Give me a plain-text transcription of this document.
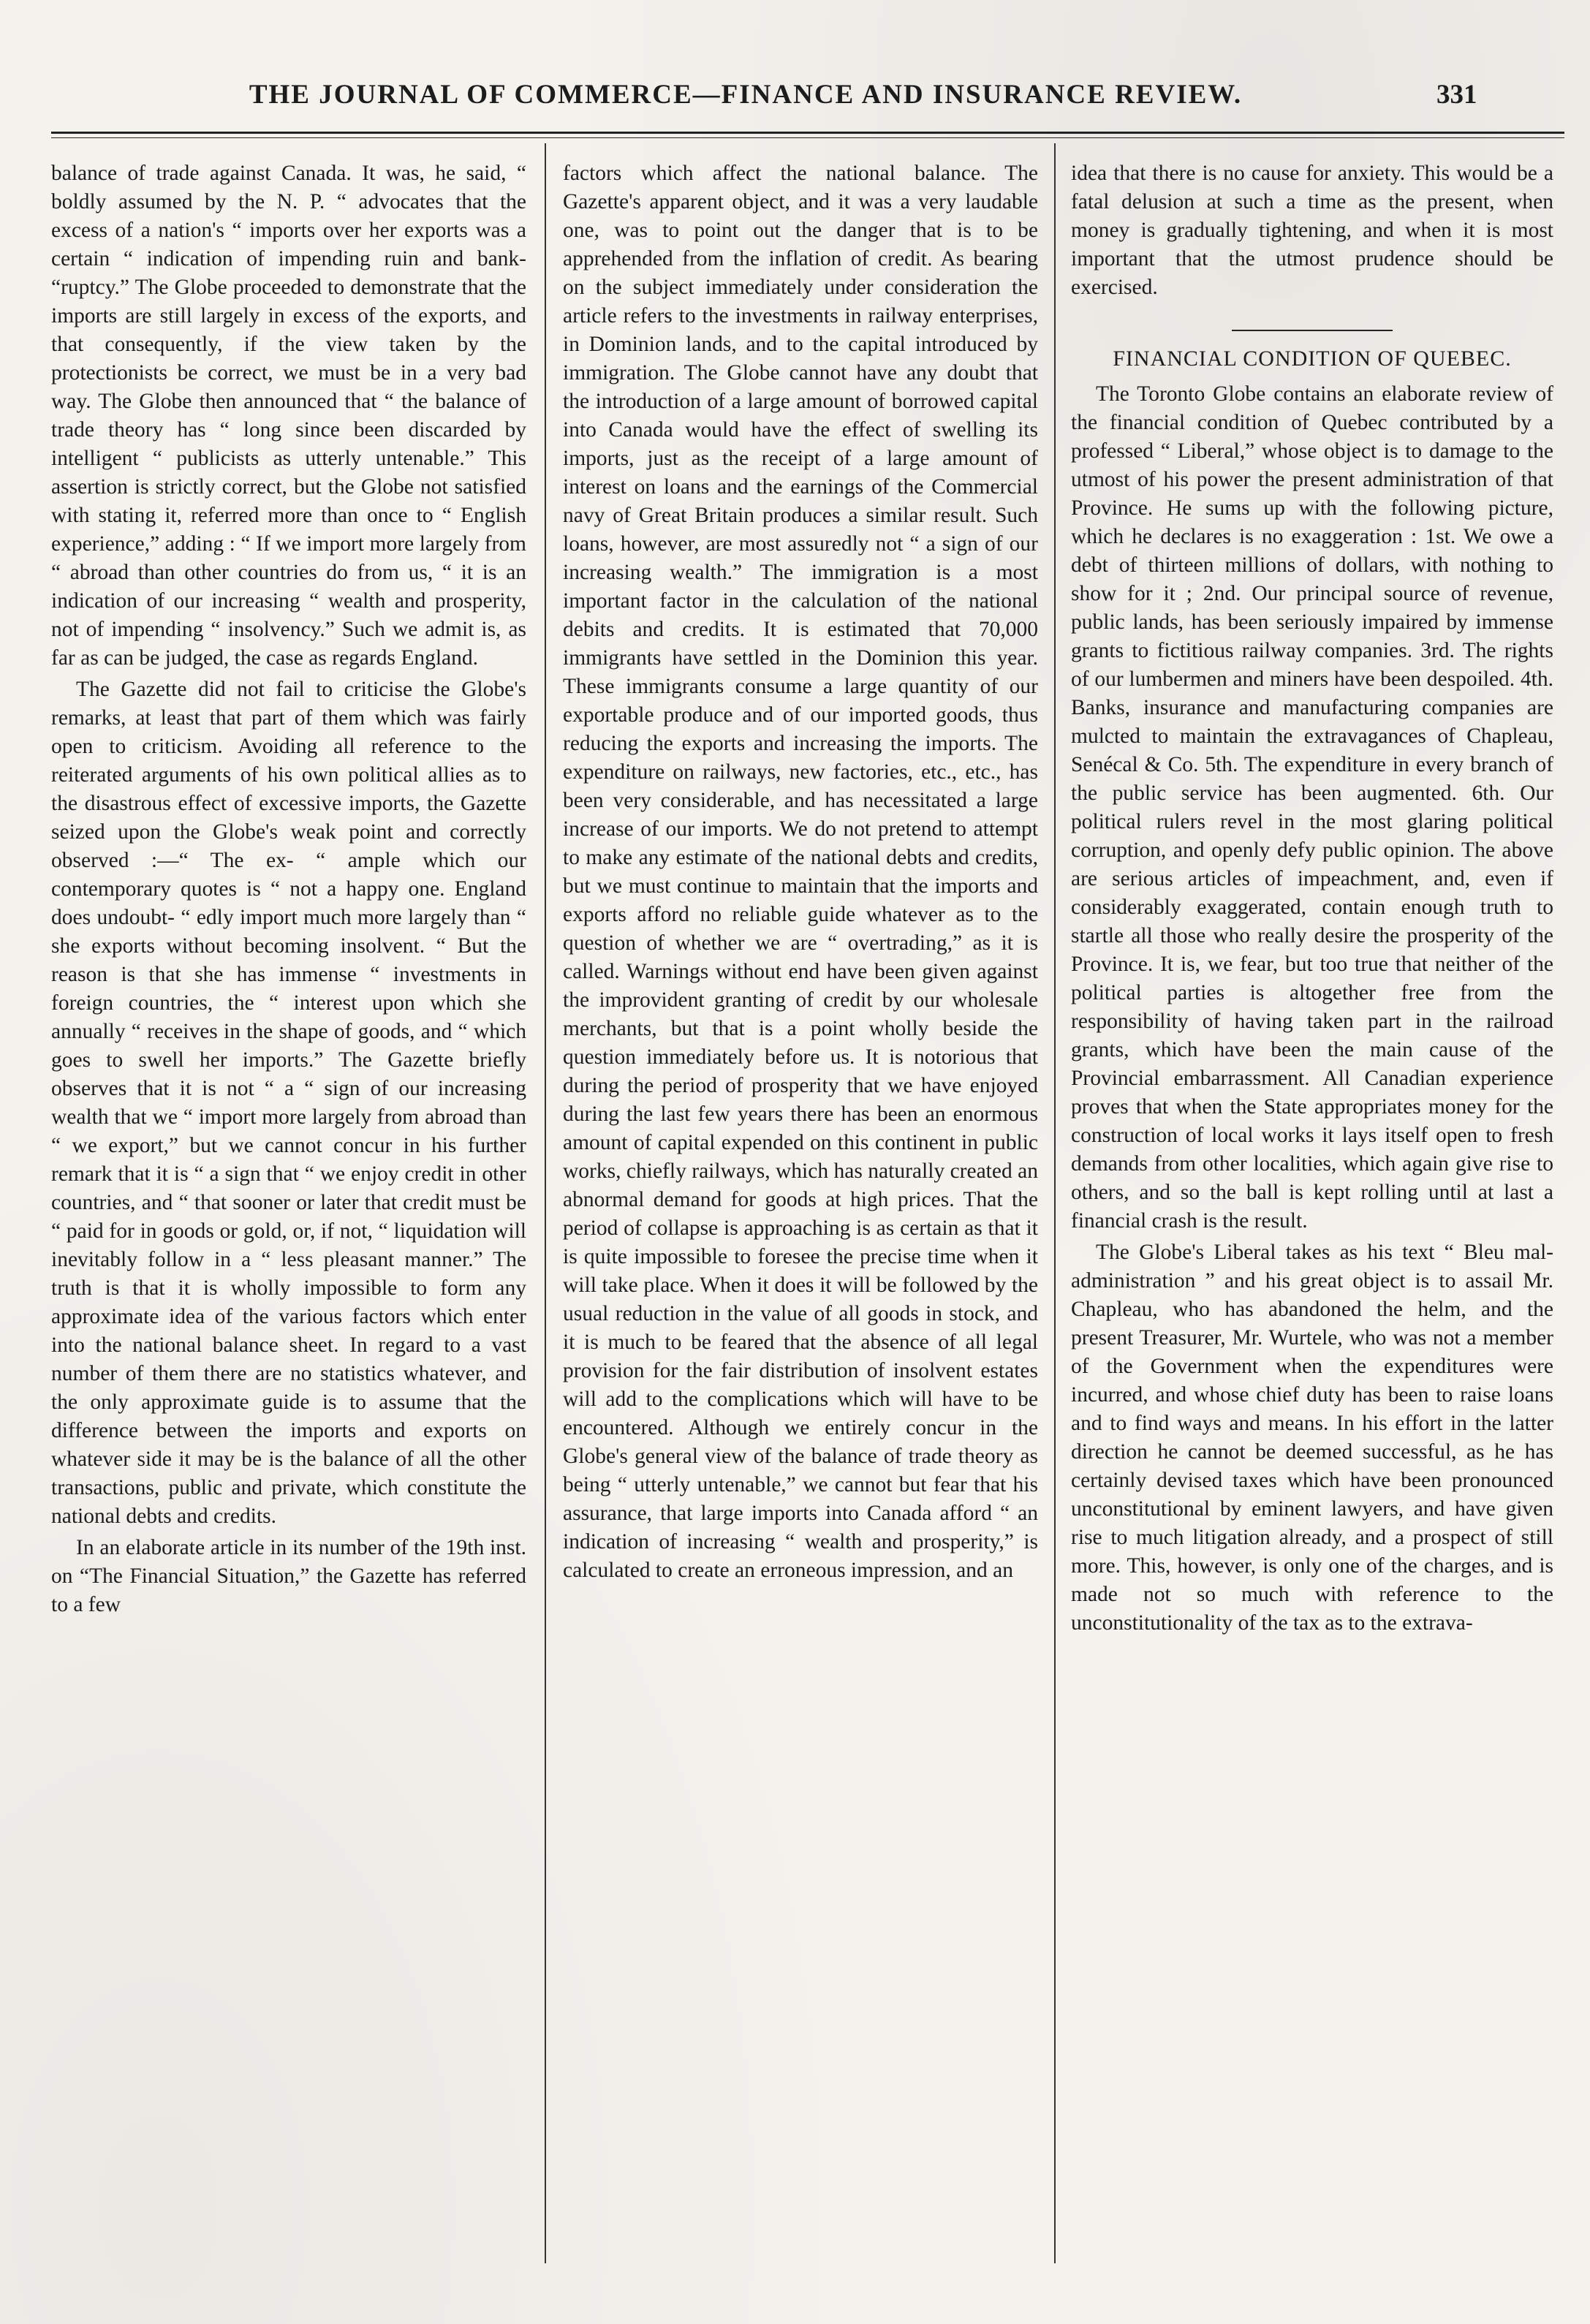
THE JOURNAL OF COMMERCE—FINANCE AND INSURANCE REVIEW.	331

balance of trade against Canada. It was, he said, “ boldly assumed by the N. P. “ advocates that the excess of a nation's “ imports over her exports was a certain “ indication of impending ruin and bank- “ruptcy.” The Globe proceeded to demonstrate that the imports are still largely in excess of the exports, and that consequently, if the view taken by the protectionists be correct, we must be in a very bad way. The Globe then announced that “ the balance of trade theory has “ long since been discarded by intelligent “ publicists as utterly untenable.” This assertion is strictly correct, but the Globe not satisfied with stating it, referred more than once to “ English experience,” adding : “ If we import more largely from “ abroad than other countries do from us, “ it is an indication of our increasing “ wealth and prosperity, not of impending “ insolvency.” Such we admit is, as far as can be judged, the case as regards England.

The Gazette did not fail to criticise the Globe's remarks, at least that part of them which was fairly open to criticism. Avoiding all reference to the reiterated arguments of his own political allies as to the disastrous effect of excessive imports, the Gazette seized upon the Globe's weak point and correctly observed :—“ The ex- “ ample which our contemporary quotes is “ not a happy one. England does undoubt- “ edly import much more largely than “ she exports without becoming insolvent. “ But the reason is that she has immense “ investments in foreign countries, the “ interest upon which she annually “ receives in the shape of goods, and “ which goes to swell her imports.” The Gazette briefly observes that it is not “ a “ sign of our increasing wealth that we “ import more largely from abroad than “ we export,” but we cannot concur in his further remark that it is “ a sign that “ we enjoy credit in other countries, and “ that sooner or later that credit must be “ paid for in goods or gold, or, if not, “ liquidation will inevitably follow in a “ less pleasant manner.” The truth is that it is wholly impossible to form any approximate idea of the various factors which enter into the national balance sheet. In regard to a vast number of them there are no statistics whatever, and the only approximate guide is to assume that the difference between the imports and exports on whatever side it may be is the balance of all the other transactions, public and private, which constitute the national debts and credits.

In an elaborate article in its number of the 19th inst. on “The Financial Situation,” the Gazette has referred to a few

factors which affect the national balance. The Gazette's apparent object, and it was a very laudable one, was to point out the danger that is to be apprehended from the inflation of credit. As bearing on the subject immediately under consideration the article refers to the investments in railway enterprises, in Dominion lands, and to the capital introduced by immigration. The Globe cannot have any doubt that the introduction of a large amount of borrowed capital into Canada would have the effect of swelling its imports, just as the receipt of a large amount of interest on loans and the earnings of the Commercial navy of Great Britain produces a similar result. Such loans, however, are most assuredly not “ a sign of our increasing wealth.” The immigration is a most important factor in the calculation of the national debits and credits. It is estimated that 70,000 immigrants have settled in the Dominion this year. These immigrants consume a large quantity of our exportable produce and of our imported goods, thus reducing the exports and increasing the imports. The expenditure on railways, new factories, etc., etc., has been very considerable, and has necessitated a large increase of our imports. We do not pretend to attempt to make any estimate of the national debts and credits, but we must continue to maintain that the imports and exports afford no reliable guide whatever as to the question of whether we are “ overtrading,” as it is called. Warnings without end have been given against the improvident granting of credit by our wholesale merchants, but that is a point wholly beside the question immediately before us. It is notorious that during the period of prosperity that we have enjoyed during the last few years there has been an enormous amount of capital expended on this continent in public works, chiefly railways, which has naturally created an abnormal demand for goods at high prices. That the period of collapse is approaching is as certain as that it is quite impossible to foresee the precise time when it will take place. When it does it will be followed by the usual reduction in the value of all goods in stock, and it is much to be feared that the absence of all legal provision for the fair distribution of insolvent estates will add to the complications which will have to be encountered. Although we entirely concur in the Globe's general view of the balance of trade theory as being “ utterly untenable,” we cannot but fear that his assurance, that large imports into Canada afford “ an indication of increasing “ wealth and prosperity,” is calculated to create an erroneous impression, and an

idea that there is no cause for anxiety. This would be a fatal delusion at such a time as the present, when money is gradually tightening, and when it is most important that the utmost prudence should be exercised.

FINANCIAL CONDITION OF QUEBEC.

The Toronto Globe contains an elaborate review of the financial condition of Quebec contributed by a professed “ Liberal,” whose object is to damage to the utmost of his power the present administration of that Province. He sums up with the following picture, which he declares is no exaggeration : 1st. We owe a debt of thirteen millions of dollars, with nothing to show for it ; 2nd. Our principal source of revenue, public lands, has been seriously impaired by immense grants to fictitious railway companies. 3rd. The rights of our lumbermen and miners have been despoiled. 4th. Banks, insurance and manufacturing companies are mulcted to maintain the extravagances of Chapleau, Senécal & Co. 5th. The expenditure in every branch of the public service has been augmented. 6th. Our political rulers revel in the most glaring political corruption, and openly defy public opinion. The above are serious articles of impeachment, and, even if considerably exaggerated, contain enough truth to startle all those who really desire the prosperity of the Province. It is, we fear, but too true that neither of the political parties is altogether free from the responsibility of having taken part in the railroad grants, which have been the main cause of the Provincial embarrassment. All Canadian experience proves that when the State appropriates money for the construction of local works it lays itself open to fresh demands from other localities, which again give rise to others, and so the ball is kept rolling until at last a financial crash is the result.

The Globe's Liberal takes as his text “ Bleu mal-administration ” and his great object is to assail Mr. Chapleau, who has abandoned the helm, and the present Treasurer, Mr. Wurtele, who was not a member of the Government when the expenditures were incurred, and whose chief duty has been to raise loans and to find ways and means. In his effort in the latter direction he cannot be deemed successful, as he has certainly devised taxes which have been pronounced unconstitutional by eminent lawyers, and have given rise to much litigation already, and a prospect of still more. This, however, is only one of the charges, and is made not so much with reference to the unconstitutionality of the tax as to the extrava-
